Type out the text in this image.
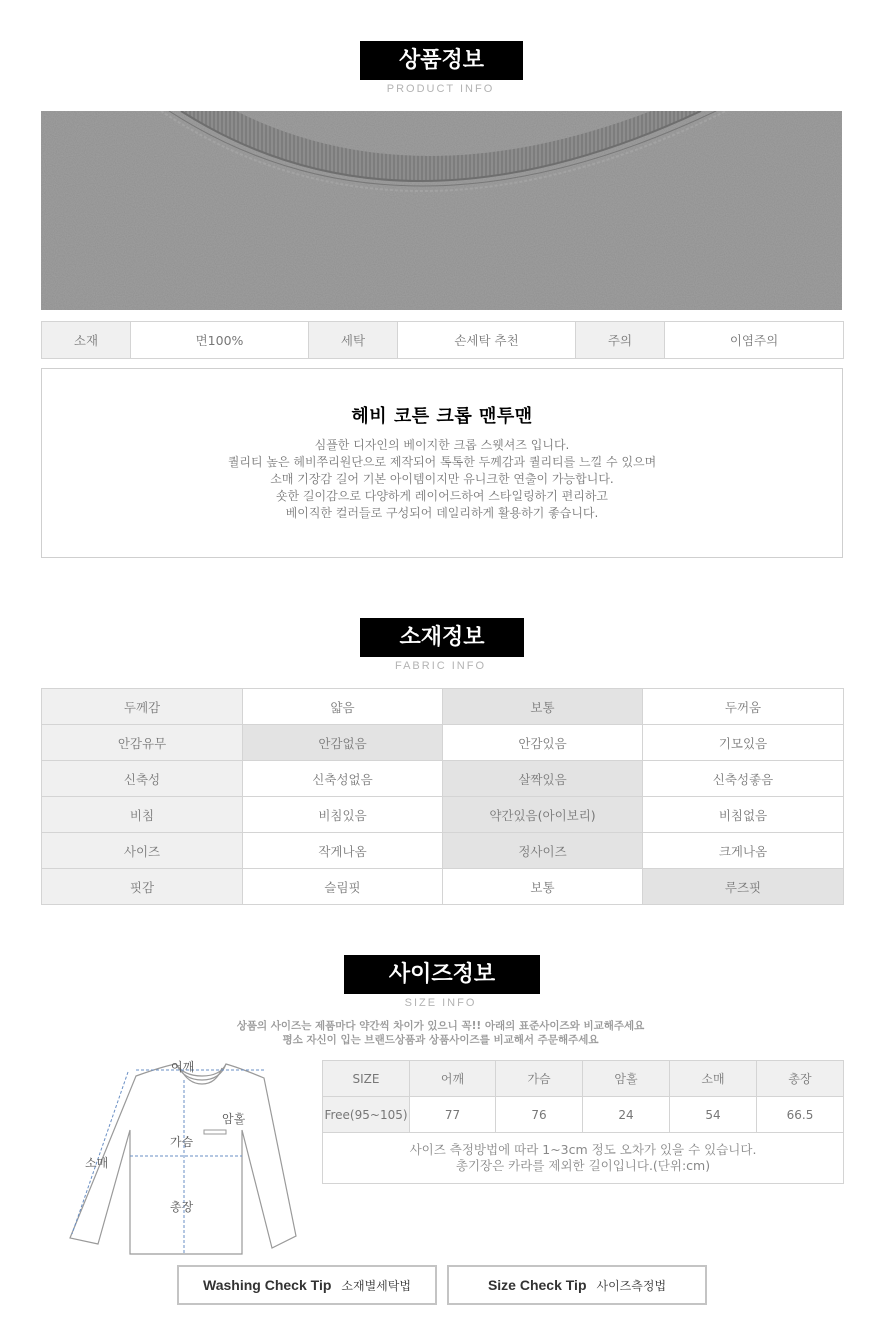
상품정보
PRODUCT INFO
소재	면100%	세탁	손세탁 추천	주의	이염주의
헤비 코튼 크롭 맨투맨
심플한 디자인의 베이지한 크롭 스웻셔즈 입니다.
퀄리티 높은 헤비쭈리원단으로 제작되어 톡톡한 두께감과 퀄리티를 느낄 수 있으며
소매 기장감 길어 기본 아이템이지만 유니크한 연출이 가능합니다.
숏한 길이감으로 다양하게 레이어드하여 스타일링하기 편리하고
베이직한 컬러들로 구성되어 데일리하게 활용하기 좋습니다.
소재정보
FABRIC INFO
두께감	얇음	보통	두꺼움
안감유무	안감없음	안감있음	기모있음
신축성	신축성없음	살짝있음	신축성좋음
비침	비침있음	약간있음(아이보리)	비침없음
사이즈	작게나옴	정사이즈	크게나옴
핏감	슬림핏	보통	루즈핏
사이즈정보
SIZE INFO
상품의 사이즈는 제품마다 약간씩 차이가 있으니 꼭!! 아래의 표준사이즈와 비교해주세요
평소 자신이 입는 브랜드상품과 상품사이즈를 비교해서 주문해주세요
어깨
암홀
가슴
소매
총장
SIZE	어깨	가슴	암홀	소매	총장
Free(95~105)	77	76	24	54	66.5

사이즈 측정방법에 따라 1~3cm 정도 오차가 있을 수 있습니다.
총기장은 카라를 제외한 길이입니다.(단위:cm)					
Washing Check Tip 소재별세탁법	Size Check Tip 사이즈측정법
